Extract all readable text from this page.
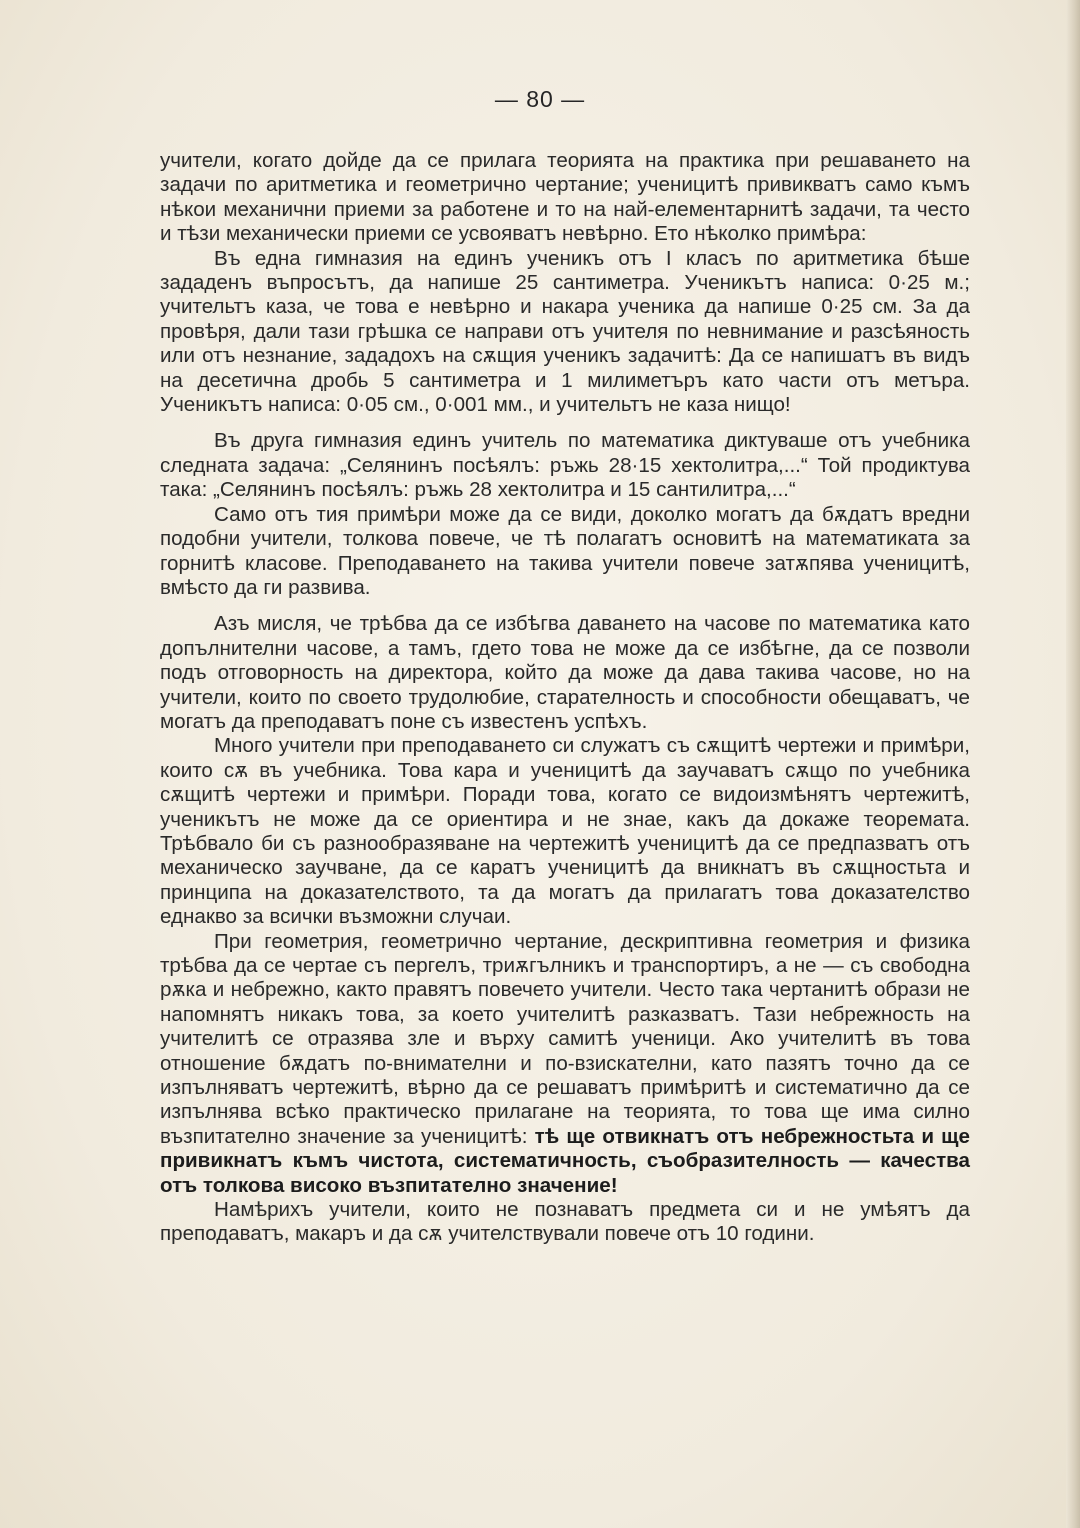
— 80 —

учители, когато дойде да се прилага теорията на практика при решаването на задачи по аритметика и геометрично чертание; ученицитѣ привикватъ само къмъ нѣкои механични приеми за работене и то на най-елементарнитѣ задачи, та често и тѣзи механически приеми се усвояватъ невѣрно. Ето нѣколко примѣра:

Въ една гимназия на единъ ученикъ отъ I класъ по аритметика бѣше зададенъ въпросътъ, да напише 25 сантиметра. Ученикътъ написа: 0·25 м.; учительтъ каза, че това е невѣрно и накара ученика да напише 0·25 см. За да провѣря, дали тази грѣшка се направи отъ учителя по невнимание и разсѣяность или отъ незнание, зададохъ на сѫщия ученикъ задачитѣ: Да се напишатъ въ видъ на десетична дробь 5 сантиметра и 1 милиметъръ като части отъ метъра. Ученикътъ написа: 0·05 см., 0·001 мм., и учительтъ не каза нищо!

Въ друга гимназия единъ учитель по математика диктуваше отъ учебника следната задача: „Селянинъ посѣялъ: ръжь 28·15 хектолитра,...“ Той продиктува така: „Селянинъ посѣялъ: ръжь 28 хектолитра и 15 сантилитра,...“

Само отъ тия примѣри може да се види, доколко могатъ да бѫдатъ вредни подобни учители, толкова повече, че тѣ полагатъ основитѣ на математиката за горнитѣ класове. Преподаването на такива учители повече затѫпява ученицитѣ, вмѣсто да ги развива.

Азъ мисля, че трѣбва да се избѣгва даването на часове по математика като допълнителни часове, а тамъ, гдето това не може да се избѣгне, да се позволи подъ отговорность на директора, който да може да дава такива часове, но на учители, които по своето трудолюбие, старателность и способности обещаватъ, че могатъ да преподаватъ поне съ известенъ успѣхъ.

Много учители при преподаването си служатъ съ сѫщитѣ чертежи и примѣри, които сѫ въ учебника. Това кара и ученицитѣ да заучаватъ сѫщо по учебника сѫщитѣ чертежи и примѣри. Поради това, когато се видоизмѣнятъ чертежитѣ, ученикътъ не може да се ориентира и не знае, какъ да докаже теоремата. Трѣбвало би съ разнообразяване на чертежитѣ ученицитѣ да се предпазватъ отъ механическо заучване, да се каратъ ученицитѣ да вникнатъ въ сѫщностьта и принципа на доказателството, та да могатъ да прилагатъ това доказателство еднакво за всички възможни случаи.

При геометрия, геометрично чертание, дескриптивна геометрия и физика трѣбва да се чертае съ пергелъ, триѫгълникъ и транспортиръ, а не — съ свободна рѫка и небрежно, както правятъ повечето учители. Често така чертанитѣ образи не напомнятъ никакъ това, за което учителитѣ разказватъ. Тази небрежность на учителитѣ се отразява зле и върху самитѣ ученици. Ако учителитѣ въ това отношение бѫдатъ по-внимателни и по-взискателни, като пазятъ точно да се изпълняватъ чертежитѣ, вѣрно да се решаватъ примѣритѣ и систематично да се изпълнява всѣко практическо прилагане на теорията, то това ще има силно възпитателно значение за ученицитѣ: тѣ ще отвикнатъ отъ небрежностьта и ще привикнатъ къмъ чистота, систематичность, съобразителность — качества отъ толкова високо възпитателно значение!

Намѣрихъ учители, които не познаватъ предмета си и не умѣятъ да преподаватъ, макаръ и да сѫ учителствували повече отъ 10 години.
